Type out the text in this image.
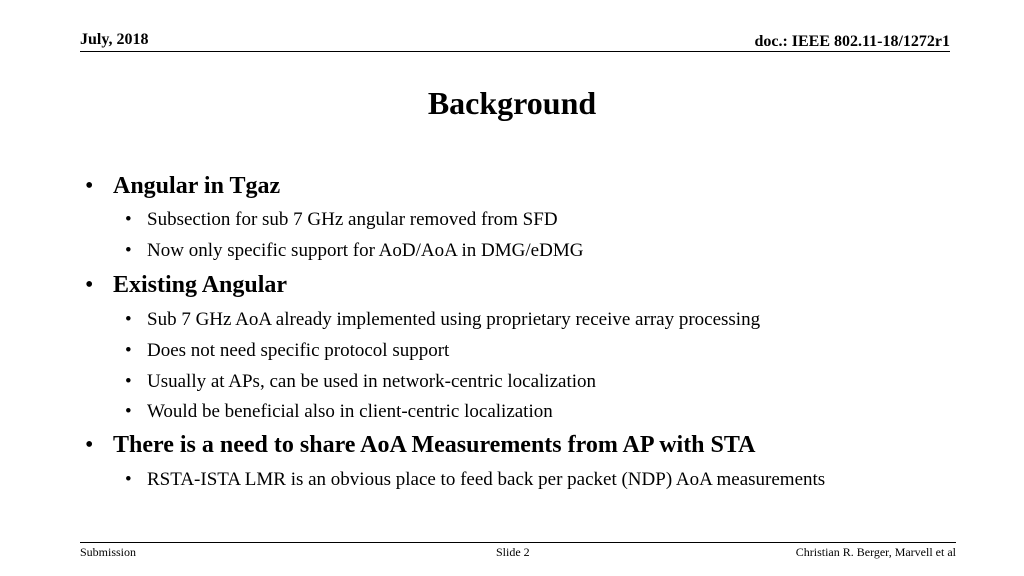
July, 2018	doc.: IEEE 802.11-18/1272r1
Background
• Angular in Tgaz
• Subsection for sub 7 GHz angular removed from SFD
• Now only specific support for AoD/AoA in DMG/eDMG
• Existing Angular
• Sub 7 GHz AoA already implemented using proprietary receive array processing
• Does not need specific protocol support
• Usually at APs, can be used in network-centric localization
• Would be beneficial also in client-centric localization
• There is a need to share AoA Measurements from AP with STA
• RSTA-ISTA LMR is an obvious place to feed back per packet (NDP) AoA measurements
Submission	Slide 2	Christian R. Berger, Marvell et al
